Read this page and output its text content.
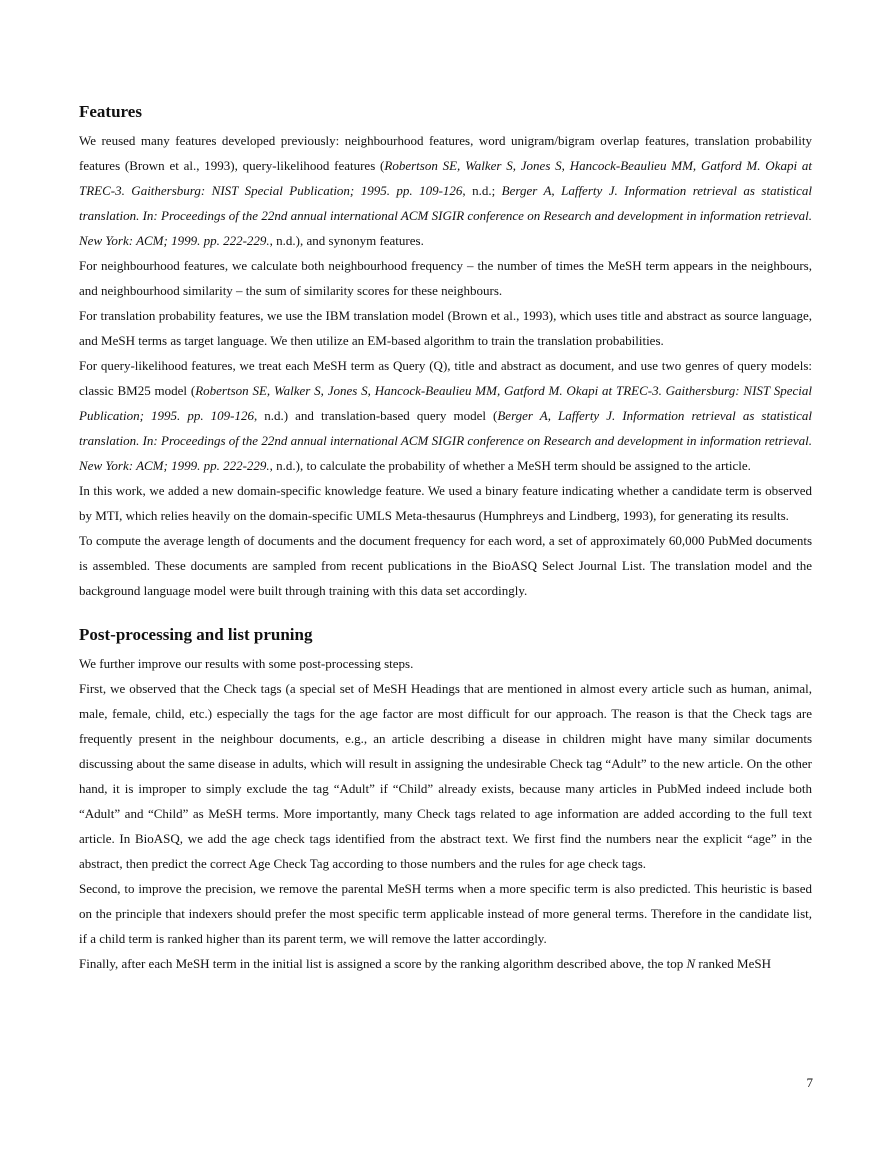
Features

We reused many features developed previously: neighbourhood features, word unigram/bigram overlap features, translation probability features (Brown et al., 1993), query-likelihood features (Robertson SE, Walker S, Jones S, Hancock-Beaulieu MM, Gatford M. Okapi at TREC-3. Gaithersburg: NIST Special Publication; 1995. pp. 109-126, n.d.; Berger A, Lafferty J. Information retrieval as statistical translation. In: Proceedings of the 22nd annual international ACM SIGIR conference on Research and development in information retrieval. New York: ACM; 1999. pp. 222-229., n.d.), and synonym features.

For neighbourhood features, we calculate both neighbourhood frequency – the number of times the MeSH term appears in the neighbours, and neighbourhood similarity – the sum of similarity scores for these neighbours.

For translation probability features, we use the IBM translation model (Brown et al., 1993), which uses title and abstract as source language, and MeSH terms as target language. We then utilize an EM-based algorithm to train the translation probabilities.

For query-likelihood features, we treat each MeSH term as Query (Q), title and abstract as document, and use two genres of query models: classic BM25 model (Robertson SE, Walker S, Jones S, Hancock-Beaulieu MM, Gatford M. Okapi at TREC-3. Gaithersburg: NIST Special Publication; 1995. pp. 109-126, n.d.) and translation-based query model (Berger A, Lafferty J. Information retrieval as statistical translation. In: Proceedings of the 22nd annual international ACM SIGIR conference on Research and development in information retrieval. New York: ACM; 1999. pp. 222-229., n.d.), to calculate the probability of whether a MeSH term should be assigned to the article.

In this work, we added a new domain-specific knowledge feature. We used a binary feature indicating whether a candidate term is observed by MTI, which relies heavily on the domain-specific UMLS Meta-thesaurus (Humphreys and Lindberg, 1993), for generating its results.

To compute the average length of documents and the document frequency for each word, a set of approximately 60,000 PubMed documents is assembled. These documents are sampled from recent publications in the BioASQ Select Journal List. The translation model and the background language model were built through training with this data set accordingly.

Post-processing and list pruning

We further improve our results with some post-processing steps.

First, we observed that the Check tags (a special set of MeSH Headings that are mentioned in almost every article such as human, animal, male, female, child, etc.) especially the tags for the age factor are most difficult for our approach. The reason is that the Check tags are frequently present in the neighbour documents, e.g., an article describing a disease in children might have many similar documents discussing about the same disease in adults, which will result in assigning the undesirable Check tag “Adult” to the new article. On the other hand, it is improper to simply exclude the tag “Adult” if “Child” already exists, because many articles in PubMed indeed include both “Adult” and “Child” as MeSH terms. More importantly, many Check tags related to age information are added according to the full text article. In BioASQ, we add the age check tags identified from the abstract text. We first find the numbers near the explicit “age” in the abstract, then predict the correct Age Check Tag according to those numbers and the rules for age check tags.

Second, to improve the precision, we remove the parental MeSH terms when a more specific term is also predicted. This heuristic is based on the principle that indexers should prefer the most specific term applicable instead of more general terms. Therefore in the candidate list, if a child term is ranked higher than its parent term, we will remove the latter accordingly.

Finally, after each MeSH term in the initial list is assigned a score by the ranking algorithm described above, the top N ranked MeSH

7
